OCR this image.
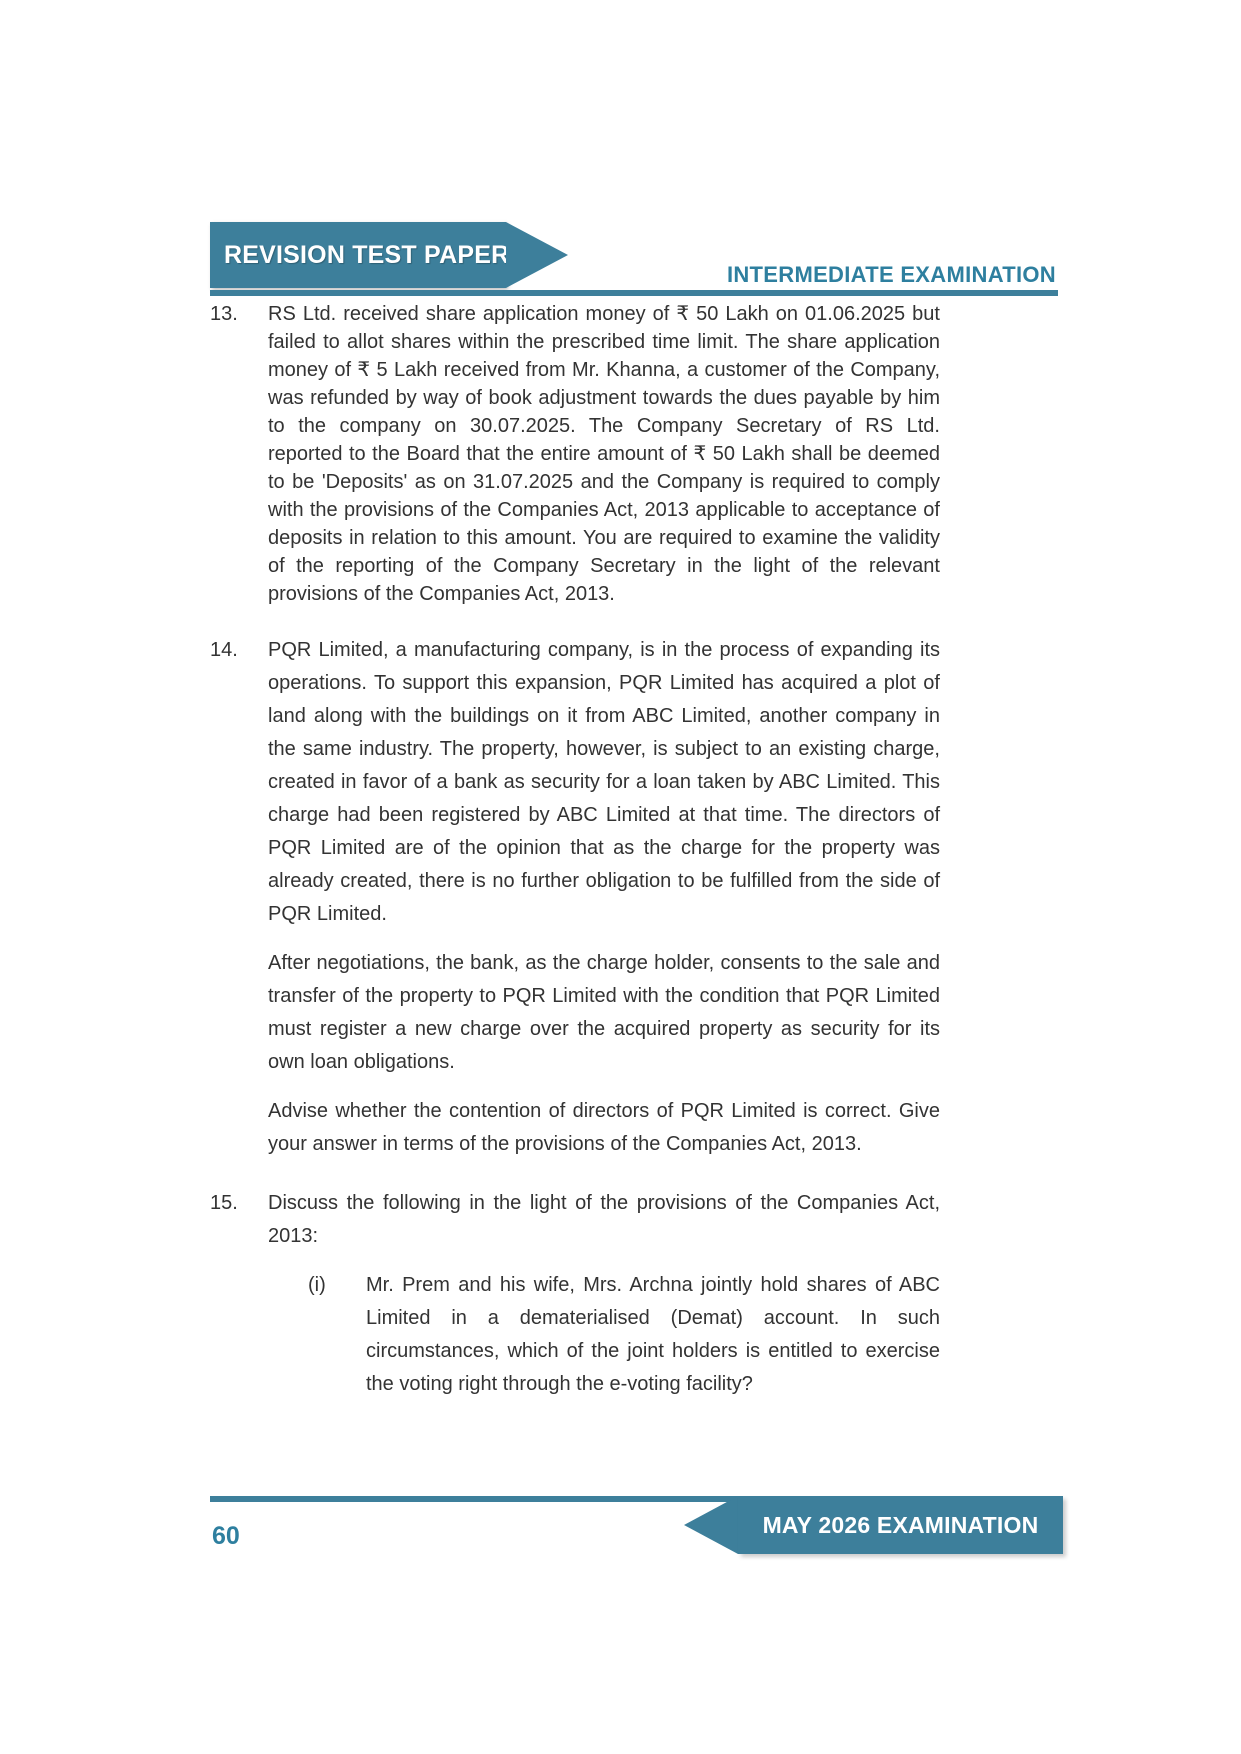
REVISION TEST PAPERS
INTERMEDIATE EXAMINATION
13.	RS Ltd. received share application money of ₹ 50 Lakh on 01.06.2025 but failed to allot shares within the prescribed time limit. The share application money of ₹ 5 Lakh received from Mr. Khanna, a customer of the Company, was refunded by way of book adjustment towards the dues payable by him to the company on 30.07.2025. The Company Secretary of RS Ltd. reported to the Board that the entire amount of ₹ 50 Lakh shall be deemed to be 'Deposits' as on 31.07.2025 and the Company is required to comply with the provisions of the Companies Act, 2013 applicable to acceptance of deposits in relation to this amount. You are required to examine the validity of the reporting of the Company Secretary in the light of the relevant provisions of the Companies Act, 2013.

14.	PQR Limited, a manufacturing company, is in the process of expanding its operations. To support this expansion, PQR Limited has acquired a plot of land along with the buildings on it from ABC Limited, another company in the same industry. The property, however, is subject to an existing charge, created in favor of a bank as security for a loan taken by ABC Limited. This charge had been registered by ABC Limited at that time. The directors of PQR Limited are of the opinion that as the charge for the property was already created, there is no further obligation to be fulfilled from the side of PQR Limited.

After negotiations, the bank, as the charge holder, consents to the sale and transfer of the property to PQR Limited with the condition that PQR Limited must register a new charge over the acquired property as security for its own loan obligations.

Advise whether the contention of directors of PQR Limited is correct. Give your answer in terms of the provisions of the Companies Act, 2013.

15.	Discuss the following in the light of the provisions of the Companies Act, 2013:

(i)	Mr. Prem and his wife, Mrs. Archna jointly hold shares of ABC Limited in a dematerialised (Demat) account. In such circumstances, which of the joint holders is entitled to exercise the voting right through the e-voting facility?
MAY 2026 EXAMINATION
60
